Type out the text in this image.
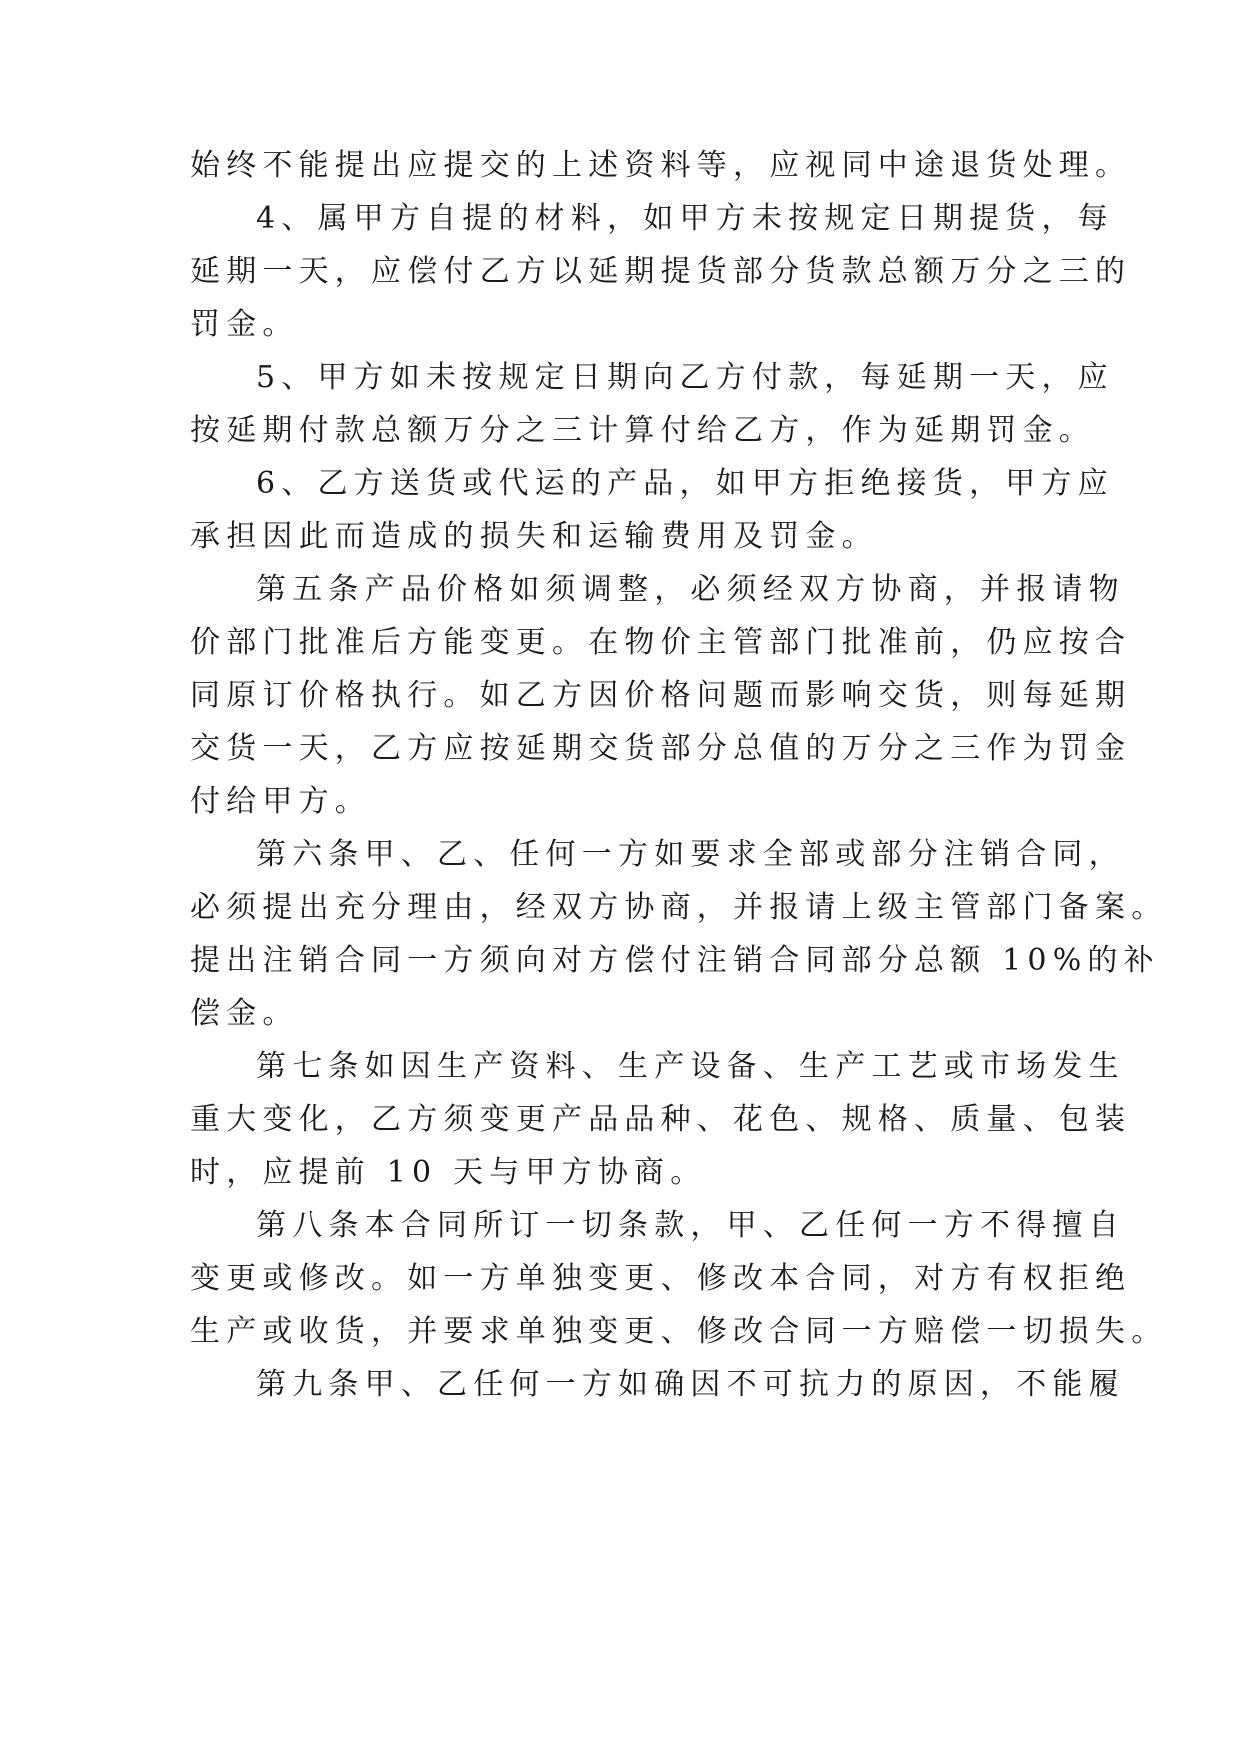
始终不能提出应提交的上述资料等，应视同中途退货处理。
4、属甲方自提的材料，如甲方未按规定日期提货，每
延期一天，应偿付乙方以延期提货部分货款总额万分之三的
罚金。
5、甲方如未按规定日期向乙方付款，每延期一天，应
按延期付款总额万分之三计算付给乙方，作为延期罚金。
6、乙方送货或代运的产品，如甲方拒绝接货，甲方应
承担因此而造成的损失和运输费用及罚金。
第五条产品价格如须调整，必须经双方协商，并报请物
价部门批准后方能变更。在物价主管部门批准前，仍应按合
同原订价格执行。如乙方因价格问题而影响交货，则每延期
交货一天，乙方应按延期交货部分总值的万分之三作为罚金
付给甲方。
第六条甲、乙、任何一方如要求全部或部分注销合同，
必须提出充分理由，经双方协商，并报请上级主管部门备案。
提出注销合同一方须向对方偿付注销合同部分总额 10%的补
偿金。
第七条如因生产资料、生产设备、生产工艺或市场发生
重大变化，乙方须变更产品品种、花色、规格、质量、包装
时，应提前 10 天与甲方协商。
第八条本合同所订一切条款，甲、乙任何一方不得擅自
变更或修改。如一方单独变更、修改本合同，对方有权拒绝
生产或收货，并要求单独变更、修改合同一方赔偿一切损失。
第九条甲、乙任何一方如确因不可抗力的原因，不能履
